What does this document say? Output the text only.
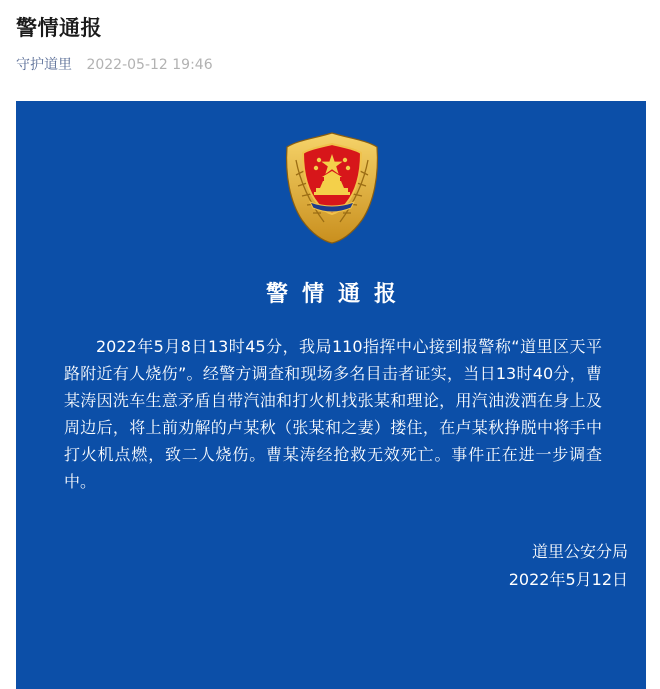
警情通报
守护道里 2022-05-12 19:46
警情通报
2022年5月8日13时45分，我局110指挥中心接到报警称“道里区天平路附近有人烧伤”。经警方调查和现场多名目击者证实，当日13时40分，曹某涛因洗车生意矛盾自带汽油和打火机找张某和理论，用汽油泼洒在身上及周边后，将上前劝解的卢某秋（张某和之妻）搂住，在卢某秋挣脱中将手中打火机点燃，致二人烧伤。曹某涛经抢救无效死亡。事件正在进一步调查中。
道里公安分局
2022年5月12日
